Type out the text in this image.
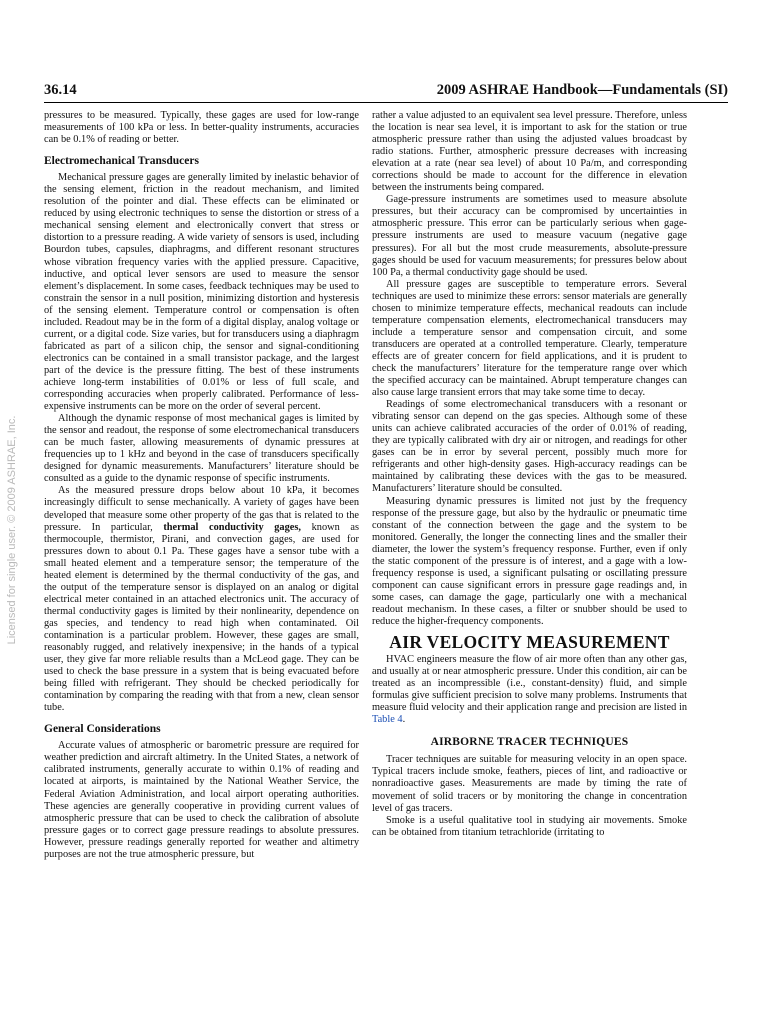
36.14	2009 ASHRAE Handbook—Fundamentals (SI)
Licensed for single user. © 2009 ASHRAE, Inc.

pressures to be measured. Typically, these gages are used for low-range measurements of 100 kPa or less. In better-quality instruments, accuracies can be 0.1% of reading or better.

Electromechanical Transducers

Mechanical pressure gages are generally limited by inelastic behavior of the sensing element, friction in the readout mechanism, and limited resolution of the pointer and dial. These effects can be eliminated or reduced by using electronic techniques to sense the distortion or stress of a mechanical sensing element and electronically convert that stress or distortion to a pressure reading. A wide variety of sensors is used, including Bourdon tubes, capsules, diaphragms, and different resonant structures whose vibration frequency varies with the applied pressure. Capacitive, inductive, and optical lever sensors are used to measure the sensor element’s displacement. In some cases, feedback techniques may be used to constrain the sensor in a null position, minimizing distortion and hysteresis of the sensing element. Temperature control or compensation is often included. Readout may be in the form of a digital display, analog voltage or current, or a digital code. Size varies, but for transducers using a diaphragm fabricated as part of a silicon chip, the sensor and signal-conditioning electronics can be contained in a small transistor package, and the largest part of the device is the pressure fitting. The best of these instruments achieve long-term instabilities of 0.01% or less of full scale, and corresponding accuracies when properly calibrated. Performance of less-expensive instruments can be more on the order of several percent.

Although the dynamic response of most mechanical gages is limited by the sensor and readout, the response of some electromechanical transducers can be much faster, allowing measurements of dynamic pressures at frequencies up to 1 kHz and beyond in the case of transducers specifically designed for dynamic measurements. Manufacturers’ literature should be consulted as a guide to the dynamic response of specific instruments.

As the measured pressure drops below about 10 kPa, it becomes increasingly difficult to sense mechanically. A variety of gages have been developed that measure some other property of the gas that is related to the pressure. In particular, thermal conductivity gages, known as thermocouple, thermistor, Pirani, and convection gages, are used for pressures down to about 0.1 Pa. These gages have a sensor tube with a small heated element and a temperature sensor; the temperature of the heated element is determined by the thermal conductivity of the gas, and the output of the temperature sensor is displayed on an analog or digital electrical meter contained in an attached electronics unit. The accuracy of thermal conductivity gages is limited by their nonlinearity, dependence on gas species, and tendency to read high when contaminated. Oil contamination is a particular problem. However, these gages are small, reasonably rugged, and relatively inexpensive; in the hands of a typical user, they give far more reliable results than a McLeod gage. They can be used to check the base pressure in a system that is being evacuated before being filled with refrigerant. They should be checked periodically for contamination by comparing the reading with that from a new, clean sensor tube.

General Considerations

Accurate values of atmospheric or barometric pressure are required for weather prediction and aircraft altimetry. In the United States, a network of calibrated instruments, generally accurate to within 0.1% of reading and located at airports, is maintained by the National Weather Service, the Federal Aviation Administration, and local airport operating authorities. These agencies are generally cooperative in providing current values of atmospheric pressure that can be used to check the calibration of absolute pressure gages or to correct gage pressure readings to absolute pressures. However, pressure readings generally reported for weather and altimetry purposes are not the true atmospheric pressure, but

rather a value adjusted to an equivalent sea level pressure. Therefore, unless the location is near sea level, it is important to ask for the station or true atmospheric pressure rather than using the adjusted values broadcast by radio stations. Further, atmospheric pressure decreases with increasing elevation at a rate (near sea level) of about 10 Pa/m, and corresponding corrections should be made to account for the difference in elevation between the instruments being compared.

Gage-pressure instruments are sometimes used to measure absolute pressures, but their accuracy can be compromised by uncertainties in atmospheric pressure. This error can be particularly serious when gage-pressure instruments are used to measure vacuum (negative gage pressures). For all but the most crude measurements, absolute-pressure gages should be used for vacuum measurements; for pressures below about 100 Pa, a thermal conductivity gage should be used.

All pressure gages are susceptible to temperature errors. Several techniques are used to minimize these errors: sensor materials are generally chosen to minimize temperature effects, mechanical readouts can include temperature compensation elements, electromechanical transducers may include a temperature sensor and compensation circuit, and some transducers are operated at a controlled temperature. Clearly, temperature effects are of greater concern for field applications, and it is prudent to check the manufacturers’ literature for the temperature range over which the specified accuracy can be maintained. Abrupt temperature changes can also cause large transient errors that may take some time to decay.

Readings of some electromechanical transducers with a resonant or vibrating sensor can depend on the gas species. Although some of these units can achieve calibrated accuracies of the order of 0.01% of reading, they are typically calibrated with dry air or nitrogen, and readings for other gases can be in error by several percent, possibly much more for refrigerants and other high-density gases. High-accuracy readings can be maintained by calibrating these devices with the gas to be measured. Manufacturers’ literature should be consulted.

Measuring dynamic pressures is limited not just by the frequency response of the pressure gage, but also by the hydraulic or pneumatic time constant of the connection between the gage and the system to be monitored. Generally, the longer the connecting lines and the smaller their diameter, the lower the system’s frequency response. Further, even if only the static component of the pressure is of interest, and a gage with a low-frequency response is used, a significant pulsating or oscillating pressure component can cause significant errors in pressure gage readings and, in some cases, can damage the gage, particularly one with a mechanical readout mechanism. In these cases, a filter or snubber should be used to reduce the higher-frequency components.

AIR VELOCITY MEASUREMENT

HVAC engineers measure the flow of air more often than any other gas, and usually at or near atmospheric pressure. Under this condition, air can be treated as an incompressible (i.e., constant-density) fluid, and simple formulas give sufficient precision to solve many problems. Instruments that measure fluid velocity and their application range and precision are listed in Table 4.

AIRBORNE TRACER TECHNIQUES

Tracer techniques are suitable for measuring velocity in an open space. Typical tracers include smoke, feathers, pieces of lint, and radioactive or nonradioactive gases. Measurements are made by timing the rate of movement of solid tracers or by monitoring the change in concentration level of gas tracers.

Smoke is a useful qualitative tool in studying air movements. Smoke can be obtained from titanium tetrachloride (irritating to
